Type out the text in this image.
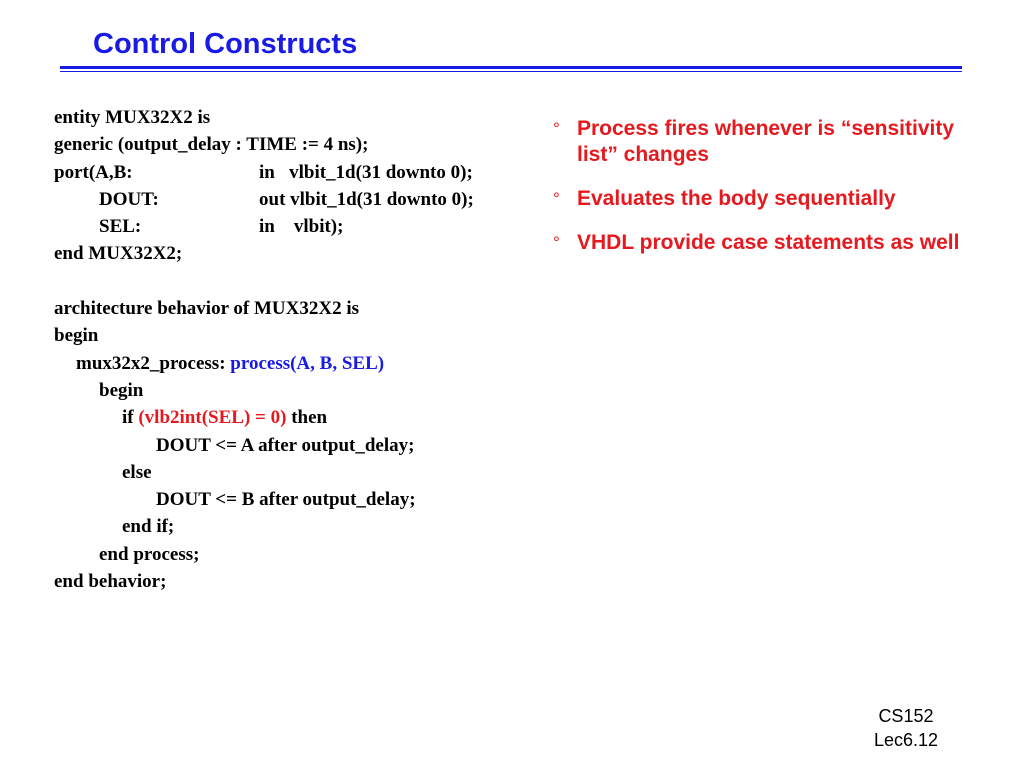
Control Constructs
entity MUX32X2 is
generic (output_delay : TIME := 4 ns);
port(A,B:	in   vlbit_1d(31 downto 0);
DOUT:	out vlbit_1d(31 downto 0);
SEL:	in    vlbit);
end MUX32X2;
architecture behavior of MUX32X2 is
begin
mux32x2_process: process(A, B, SEL)
begin
if (vlb2int(SEL) = 0) then
DOUT <= A after output_delay;
else
DOUT <= B after output_delay;
end if;
end process;
end behavior;
° Process fires whenever is “sensitivity list” changes
° Evaluates the body sequentially
° VHDL provide case statements as well
CS152
Lec6.12
